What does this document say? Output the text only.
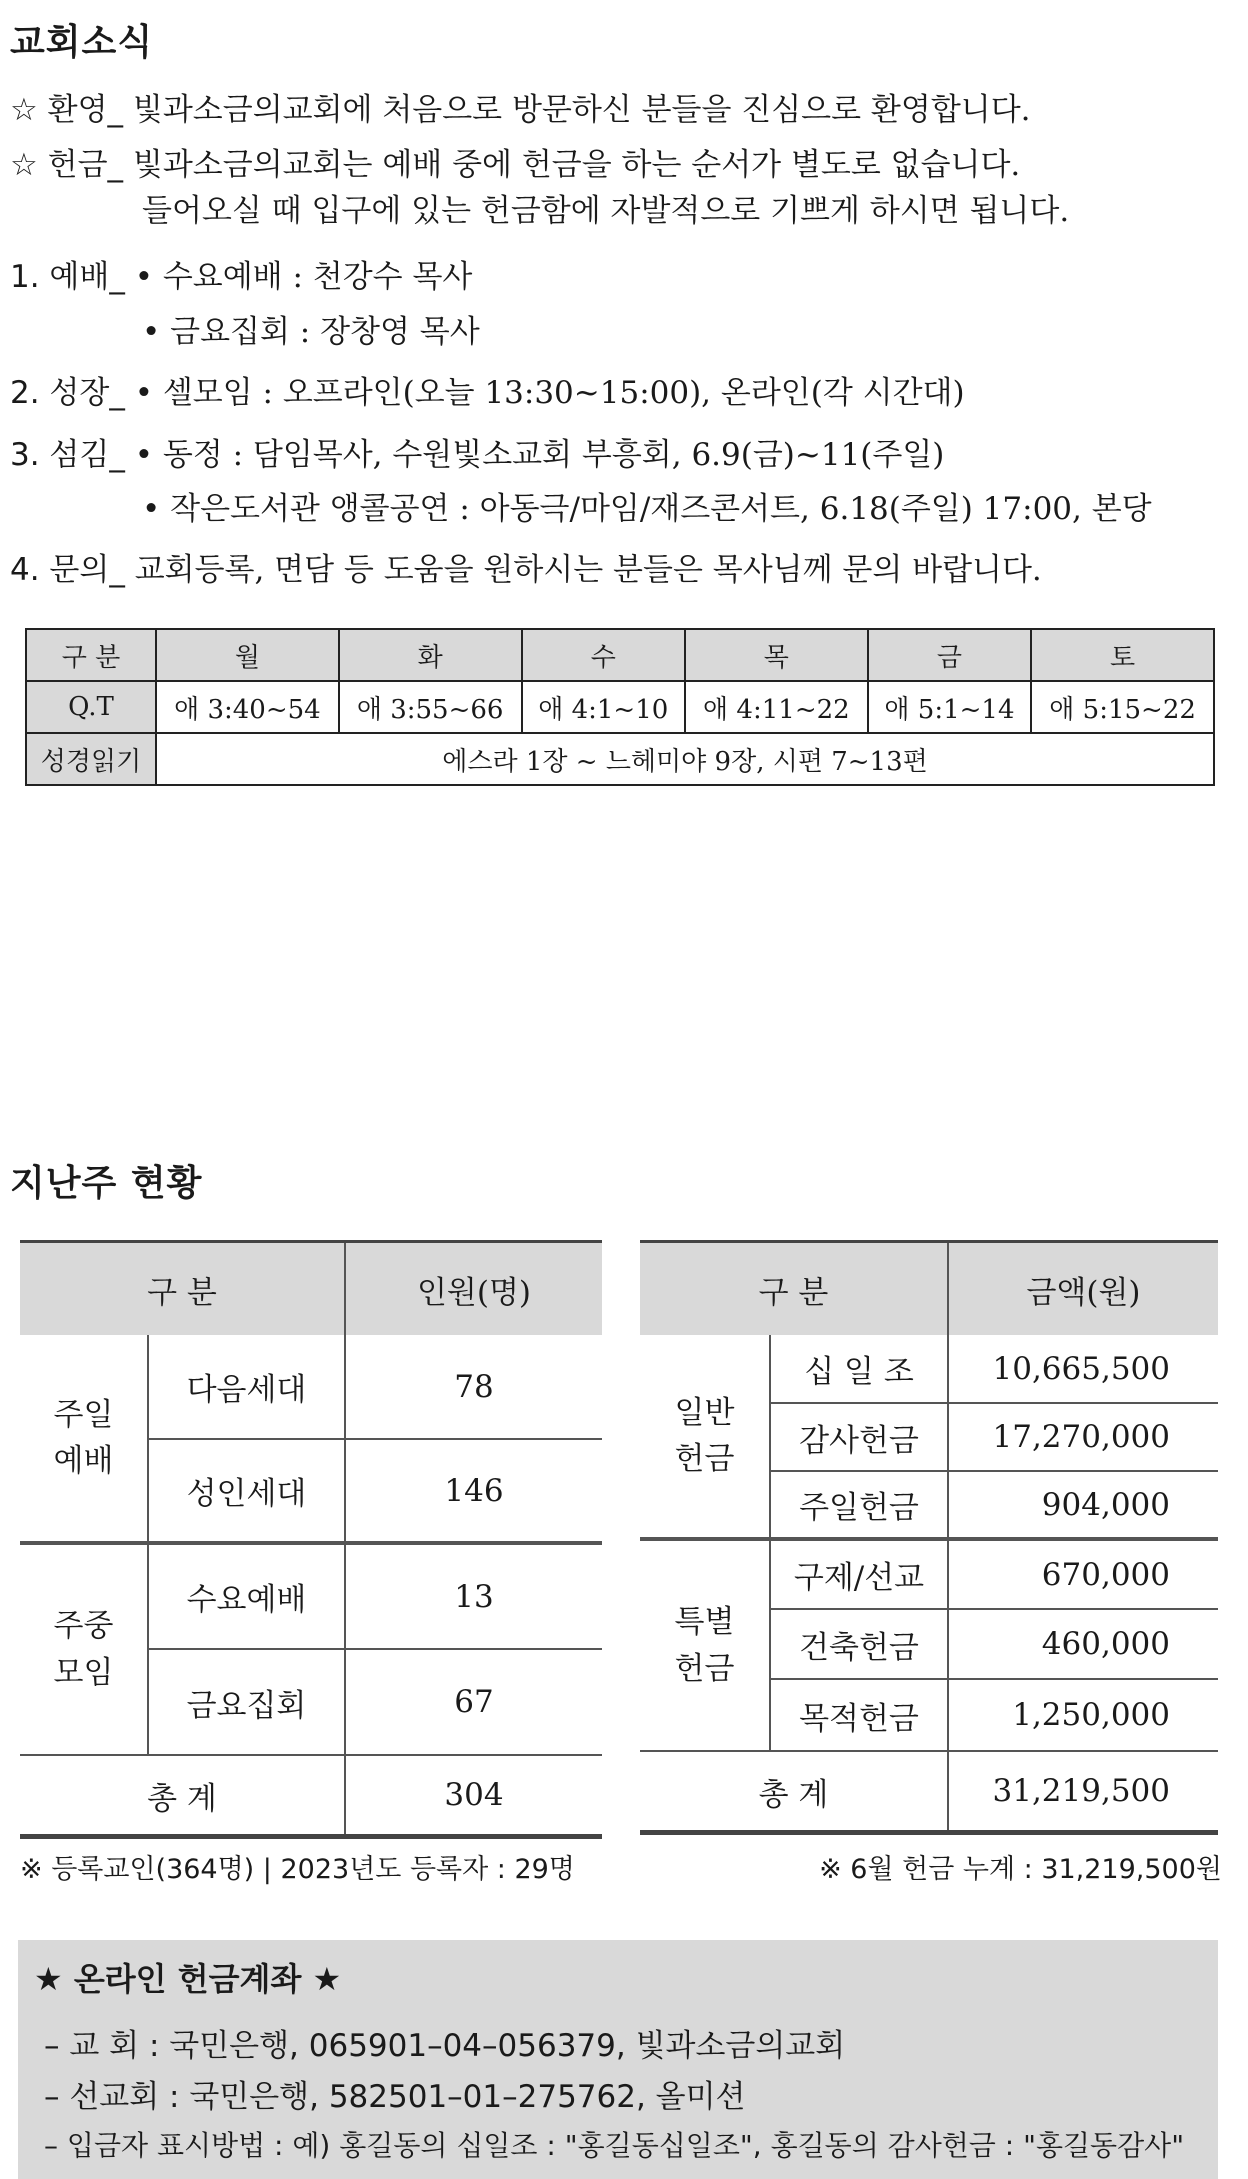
교회소식
☆ 환영_ 빛과소금의교회에 처음으로 방문하신 분들을 진심으로 환영합니다.
☆ 헌금_ 빛과소금의교회는 예배 중에 헌금을 하는 순서가 별도로 없습니다.
들어오실 때 입구에 있는 헌금함에 자발적으로 기쁘게 하시면 됩니다.
1. 예배_ • 수요예배 : 천강수 목사
• 금요집회 : 장창영 목사
2. 성장_ • 셀모임 : 오프라인(오늘 13:30~15:00), 온라인(각 시간대)
3. 섬김_ • 동정 : 담임목사, 수원빛소교회 부흥회, 6.9(금)~11(주일)
• 작은도서관 앵콜공연 : 아동극/마임/재즈콘서트, 6.18(주일) 17:00, 본당
4. 문의_ 교회등록, 면담 등 도움을 원하시는 분들은 목사님께 문의 바랍니다.
구 분	월	화	수	목	금	토
Q.T	애 3:40~54	애 3:55~66	애 4:1~10	애 4:11~22	애 5:1~14	애 5:15~22
성경읽기	에스라 1장 ~ 느헤미야 9장, 시편 7~13편					
지난주 현황
구 분		인원(명)
주일
예배	다음세대	78
	성인세대	146
주중
모임	수요예배	13
	금요집회	67
총 계		304
구 분		금액(원)
일반
헌금	십 일 조	10,665,500
	감사헌금	17,270,000
	주일헌금	904,000
특별
헌금	구제/선교	670,000
	건축헌금	460,000
	목적헌금	1,250,000
총 계		31,219,500
※ 등록교인(364명) | 2023년도 등록자 : 29명	※ 6월 헌금 누계 : 31,219,500원
★ 온라인 헌금계좌 ★
– 교 회 : 국민은행, 065901–04–056379, 빛과소금의교회
– 선교회 : 국민은행, 582501–01–275762, 올미션
– 입금자 표시방법 : 예) 홍길동의 십일조 : "홍길동십일조", 홍길동의 감사헌금 : "홍길동감사"
